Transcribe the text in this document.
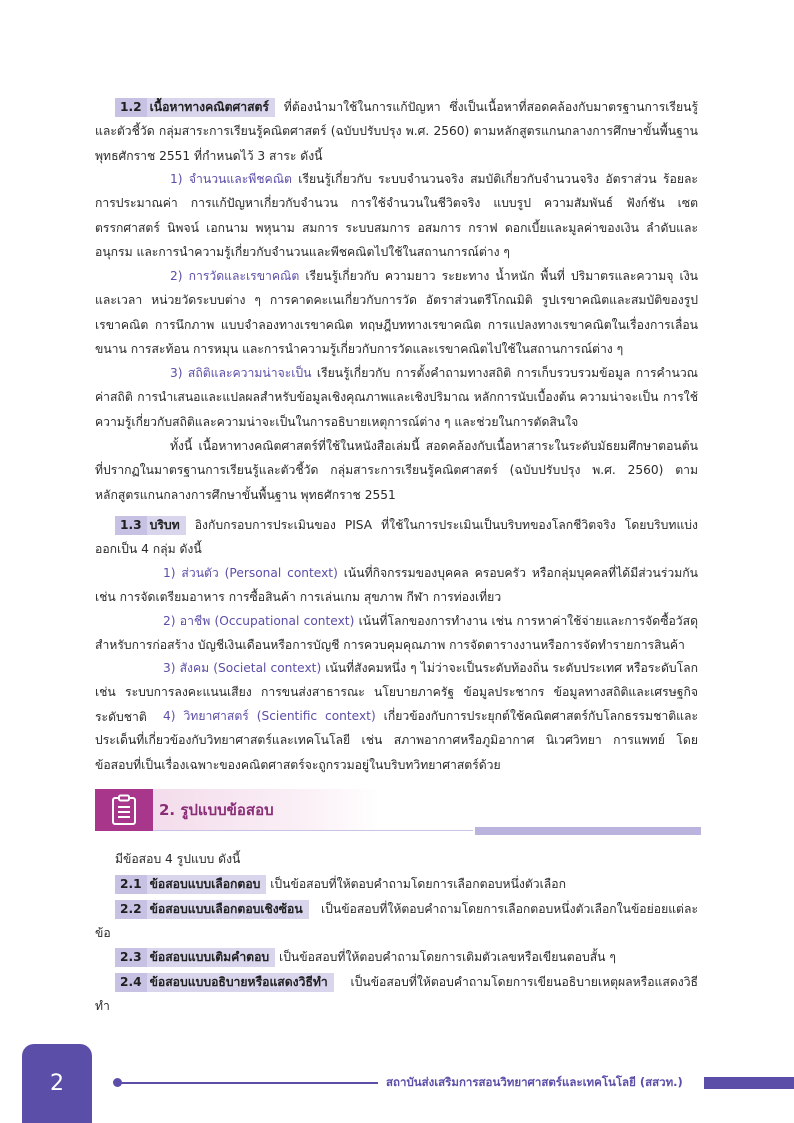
1.2 เนื้อหาทางคณิตศาสตร์ ที่ต้องนำมาใช้ในการแก้ปัญหา ซึ่งเป็นเนื้อหาที่สอดคล้องกับมาตรฐานการเรียนรู้และตัวชี้วัด กลุ่มสาระการเรียนรู้คณิตศาสตร์ (ฉบับปรับปรุง พ.ศ. 2560) ตามหลักสูตรแกนกลางการศึกษาขั้นพื้นฐาน พุทธศักราช 2551 ที่กำหนดไว้ 3 สาระ ดังนี้

1) จำนวนและพีชคณิต เรียนรู้เกี่ยวกับ ระบบจำนวนจริง สมบัติเกี่ยวกับจำนวนจริง อัตราส่วน ร้อยละ การประมาณค่า การแก้ปัญหาเกี่ยวกับจำนวน การใช้จำนวนในชีวิตจริง แบบรูป ความสัมพันธ์ ฟังก์ชัน เซต ตรรกศาสตร์ นิพจน์ เอกนาม พหุนาม สมการ ระบบสมการ อสมการ กราฟ ดอกเบี้ยและมูลค่าของเงิน ลำดับและอนุกรม และการนำความรู้เกี่ยวกับจำนวนและพีชคณิตไปใช้ในสถานการณ์ต่าง ๆ

2) การวัดและเรขาคณิต เรียนรู้เกี่ยวกับ ความยาว ระยะทาง น้ำหนัก พื้นที่ ปริมาตรและความจุ เงินและเวลา หน่วยวัดระบบต่าง ๆ การคาดคะเนเกี่ยวกับการวัด อัตราส่วนตรีโกณมิติ รูปเรขาคณิตและสมบัติของรูปเรขาคณิต การนึกภาพ แบบจำลองทางเรขาคณิต ทฤษฎีบททางเรขาคณิต การแปลงทางเรขาคณิตในเรื่องการเลื่อนขนาน การสะท้อน การหมุน และการนำความรู้เกี่ยวกับการวัดและเรขาคณิตไปใช้ในสถานการณ์ต่าง ๆ

3) สถิติและความน่าจะเป็น เรียนรู้เกี่ยวกับ การตั้งคำถามทางสถิติ การเก็บรวบรวมข้อมูล การคำนวณค่าสถิติ การนำเสนอและแปลผลสำหรับข้อมูลเชิงคุณภาพและเชิงปริมาณ หลักการนับเบื้องต้น ความน่าจะเป็น การใช้ความรู้เกี่ยวกับสถิติและความน่าจะเป็นในการอธิบายเหตุการณ์ต่าง ๆ และช่วยในการตัดสินใจ

ทั้งนี้ เนื้อหาทางคณิตศาสตร์ที่ใช้ในหนังสือเล่มนี้ สอดคล้องกับเนื้อหาสาระในระดับมัธยมศึกษาตอนต้น ที่ปรากฏในมาตรฐานการเรียนรู้และตัวชี้วัด กลุ่มสาระการเรียนรู้คณิตศาสตร์ (ฉบับปรับปรุง พ.ศ. 2560) ตามหลักสูตรแกนกลางการศึกษาขั้นพื้นฐาน พุทธศักราช 2551

1.3 บริบท อิงกับกรอบการประเมินของ PISA ที่ใช้ในการประเมินเป็นบริบทของโลกชีวิตจริง โดยบริบทแบ่งออกเป็น 4 กลุ่ม ดังนี้

1) ส่วนตัว (Personal context) เน้นที่กิจกรรมของบุคคล ครอบครัว หรือกลุ่มบุคคลที่ได้มีส่วนร่วมกัน เช่น การจัดเตรียมอาหาร การซื้อสินค้า การเล่นเกม สุขภาพ กีฬา การท่องเที่ยว

2) อาชีพ (Occupational context) เน้นที่โลกของการทำงาน เช่น การหาค่าใช้จ่ายและการจัดซื้อวัสดุสำหรับการก่อสร้าง บัญชีเงินเดือนหรือการบัญชี การควบคุมคุณภาพ การจัดตารางงานหรือการจัดทำรายการสินค้า

3) สังคม (Societal context) เน้นที่สังคมหนึ่ง ๆ ไม่ว่าจะเป็นระดับท้องถิ่น ระดับประเทศ หรือระดับโลก เช่น ระบบการลงคะแนนเสียง การขนส่งสาธารณะ นโยบายภาครัฐ ข้อมูลประชากร ข้อมูลทางสถิติและเศรษฐกิจระดับชาติ	4) วิทยาศาสตร์ (Scientific context) เกี่ยวข้องกับการประยุกต์ใช้คณิตศาสตร์กับโลกธรรมชาติและประเด็นที่เกี่ยวข้องกับวิทยาศาสตร์และเทคโนโลยี เช่น สภาพอากาศหรือภูมิอากาศ นิเวศวิทยา การแพทย์ โดยข้อสอบที่เป็นเรื่องเฉพาะของคณิตศาสตร์จะถูกรวมอยู่ในบริบทวิทยาศาสตร์ด้วย

2. รูปแบบข้อสอบ

มีข้อสอบ 4 รูปแบบ ดังนี้

2.1 ข้อสอบแบบเลือกตอบ เป็นข้อสอบที่ให้ตอบคำถามโดยการเลือกตอบหนึ่งตัวเลือก

2.2 ข้อสอบแบบเลือกตอบเชิงซ้อน เป็นข้อสอบที่ให้ตอบคำถามโดยการเลือกตอบหนึ่งตัวเลือกในข้อย่อยแต่ละข้อ

2.3 ข้อสอบแบบเติมคำตอบ เป็นข้อสอบที่ให้ตอบคำถามโดยการเติมตัวเลขหรือเขียนตอบสั้น ๆ

2.4 ข้อสอบแบบอธิบายหรือแสดงวิธีทำ เป็นข้อสอบที่ให้ตอบคำถามโดยการเขียนอธิบายเหตุผลหรือแสดงวิธีทำ

2	สถาบันส่งเสริมการสอนวิทยาศาสตร์และเทคโนโลยี (สสวท.)
